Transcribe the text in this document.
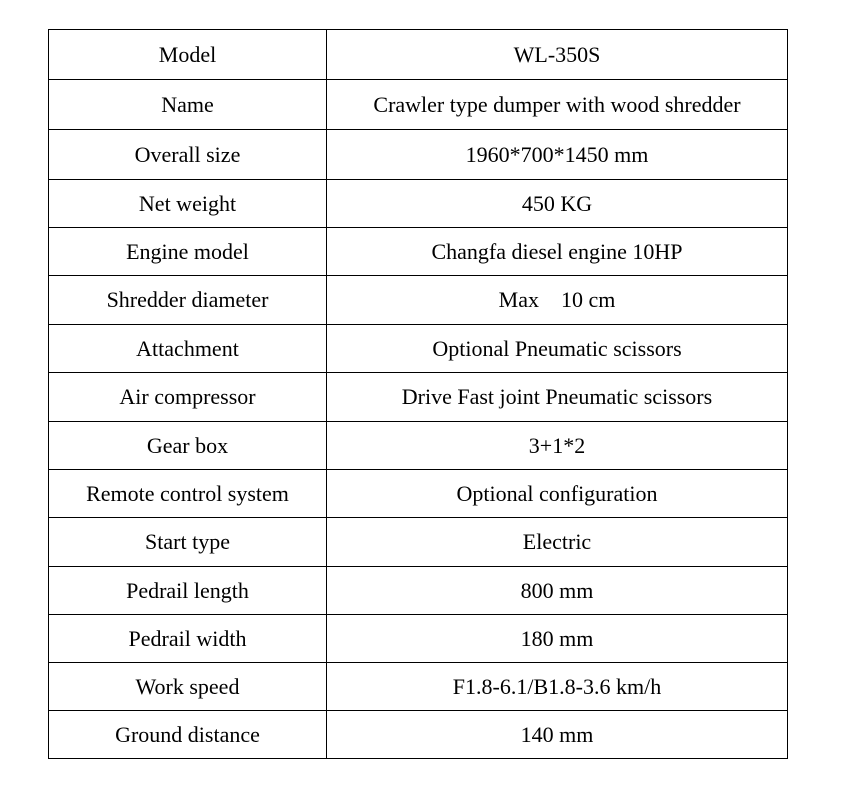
Model	WL-350S
Name	Crawler type dumper with wood shredder
Overall size	1960*700*1450 mm
Net weight	450 KG
Engine model	Changfa diesel engine 10HP
Shredder diameter	Max    10 cm
Attachment	Optional Pneumatic scissors
Air compressor	Drive Fast joint Pneumatic scissors
Gear box	3+1*2
Remote control system	Optional configuration
Start type	Electric
Pedrail length	800 mm
Pedrail width	180 mm
Work speed	F1.8-6.1/B1.8-3.6 km/h
Ground distance	140 mm
